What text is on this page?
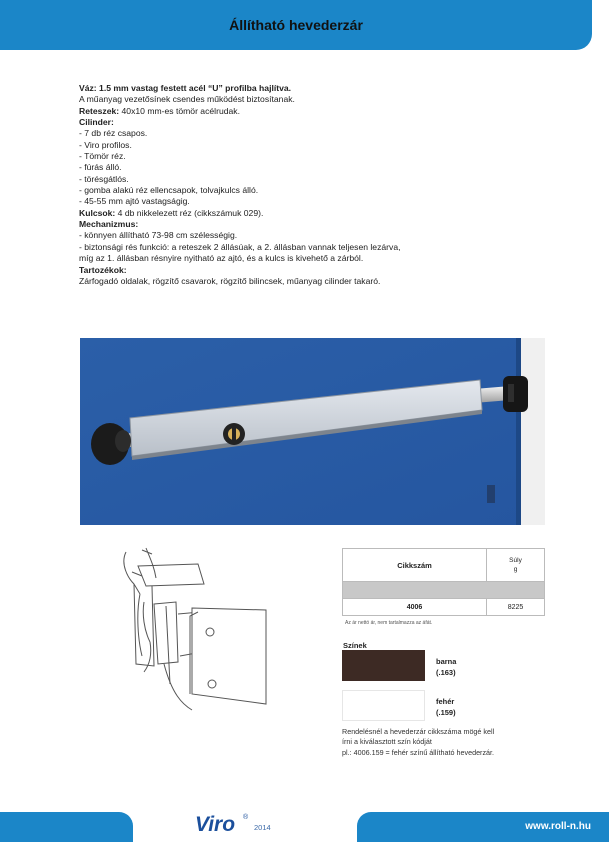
Állítható hevederzár
Váz: 1.5 mm vastag festett acél “U” profilba hajlítva.
A műanyag vezetősínek csendes működést biztosítanak.
Reteszek: 40x10 mm-es tömör acélrudak.
Cilinder:
- 7 db réz csapos.
- Viro profilos.
- Tömör réz.
- fúrás álló.
- törésgátlós.
- gomba alakú réz ellencsapok, tolvajkulcs álló.
- 45-55 mm ajtó vastagságig.
Kulcsok: 4 db nikkelezett réz (cikkszámuk 029).
Mechanizmus:
- könnyen állítható 73-98 cm szélességig.
- biztonsági rés funkció: a reteszek 2 állásúak, a 2. állásban vannak teljesen lezárva,
míg az 1. állásban résnyire nyitható az ajtó, és a kulcs is kivehető a zárból.
Tartozékok:
Zárfogadó oldalak, rögzítő csavarok, rögzítő bilincsek, műanyag cilinder takaró.
Cikkszám	Súly
g

4006	8225
Az ár nettó ár, nem tartalmazza az áfát.
Színek
barna
(.163)
fehér
(.159)
Rendelésnél a hevederzár cikkszáma mögé kell
írni a kiválasztott szín kódját
pl.: 4006.159 = fehér színű állítható hevederzár.
Viro ®
2014	www.roll-n.hu
